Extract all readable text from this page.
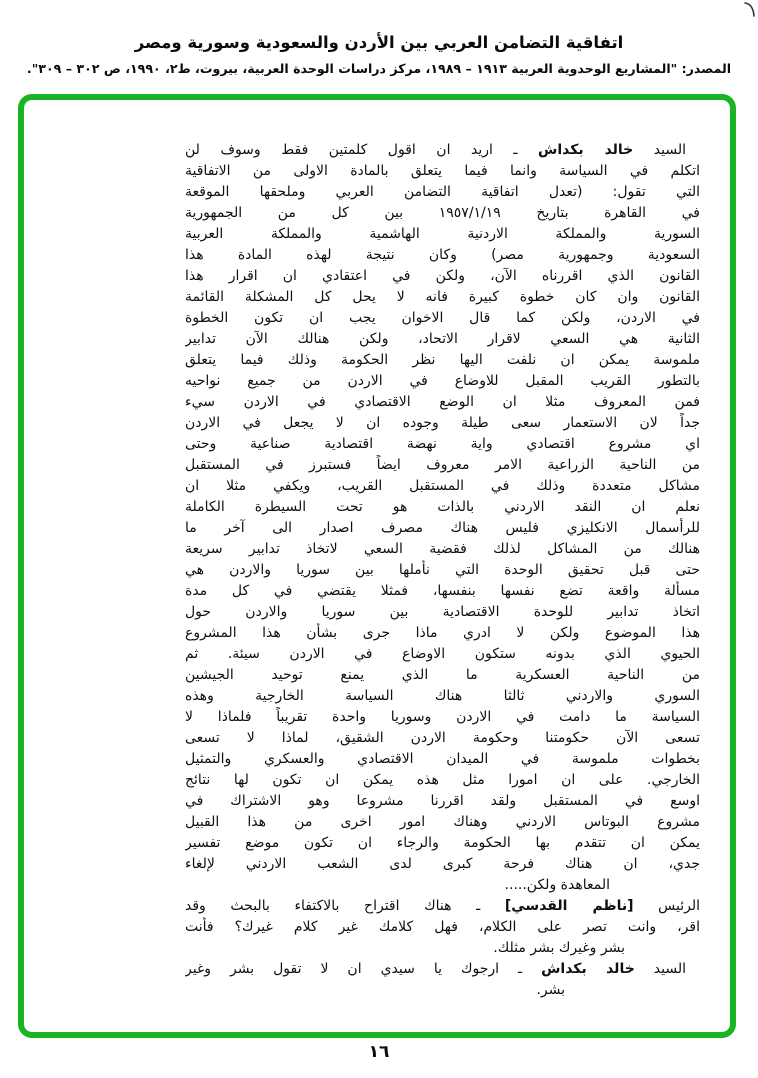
اتفاقية التضامن العربي بين الأردن والسعودية وسورية ومصر
المصدر: "المشاريع الوحدوية العربية ١٩١٣ – ١٩٨٩، مركز دراسات الوحدة العربية، بيروت، ط٢، ١٩٩٠، ص ٣٠٢ – ٣٠٩".
السيد خالد بكداش ـ اريد ان اقول كلمتين فقط وسوف لن
اتكلم في السياسة وانما فيما يتعلق بالمادة الاولى من الاتفاقية
التي تقول: (تعدل اتفاقية التضامن العربي وملحقها الموقعة
في القاهرة بتاريخ ١٩٥٧/١/١٩ بين كل من الجمهورية
السورية والمملكة الاردنية الهاشمية والمملكة العربية
السعودية وجمهورية مصر) وكان نتيجة لهذه المادة هذا
القانون الذي اقررناه الآن، ولكن في اعتقادي ان اقرار هذا
القانون وان كان خطوة كبيرة فانه لا يحل كل المشكلة القائمة
في الاردن، ولكن كما قال الاخوان يجب ان تكون الخطوة
الثانية هي السعي لاقرار الاتحاد، ولكن هنالك الآن تدابير
ملموسة يمكن ان نلفت اليها نظر الحكومة وذلك فيما يتعلق
بالتطور القريب المقبل للاوضاع في الاردن من جميع نواحيه
فمن المعروف مثلا ان الوضع الاقتصادي في الاردن سيء
جداً لان الاستعمار سعى طيلة وجوده ان لا يجعل في الاردن
اي مشروع اقتصادي واية نهضة اقتصادية صناعية وحتى
من الناحية الزراعية الامر معروف ايضاً فستبرز في المستقبل
مشاكل متعددة وذلك في المستقبل القريب، ويكفي مثلا ان
نعلم ان النقد الاردني بالذات هو تحت السيطرة الكاملة
للرأسمال الانكليزي فليس هناك مصرف اصدار الى آخر ما
هنالك من المشاكل لذلك فقضية السعي لاتخاذ تدابير سريعة
حتى قبل تحقيق الوحدة التي نأملها بين سوريا والاردن هي
مسألة واقعة تضع نفسها بنفسها، فمثلا يقتضي في كل مدة
اتخاذ تدابير للوحدة الاقتصادية بين سوريا والاردن حول
هذا الموضوع ولكن لا ادري ماذا جرى بشأن هذا المشروع
الحيوي الذي بدونه ستكون الاوضاع في الاردن سيئة. ثم
من الناحية العسكرية ما الذي يمنع توحيد الجيشين
السوري والاردني ثالثا هناك السياسة الخارجية وهذه
السياسة ما دامت في الاردن وسوريا واحدة تقريباً فلماذا لا
تسعى الآن حكومتنا وحكومة الاردن الشقيق، لماذا لا تسعى
بخطوات ملموسة في الميدان الاقتصادي والعسكري والتمثيل
الخارجي. على ان امورا مثل هذه يمكن ان تكون لها نتائج
اوسع في المستقبل ولقد اقررنا مشروعا وهو الاشتراك في
مشروع البوتاس الاردني وهناك امور اخرى من هذا القبيل
يمكن ان تتقدم بها الحكومة والرجاء ان تكون موضع تفسير
جدي، ان هناك فرحة كبرى لدى الشعب الاردني لإلغاء
المعاهدة ولكن.....
الرئيس [ناظم القدسي] ـ هناك اقتراح بالاكتفاء بالبحث وقد
اقر، وانت تصر على الكلام، فهل كلامك غير كلام غيرك؟ فأنت
بشر وغيرك بشر مثلك.
السيد خالد بكداش ـ ارجوك يا سيدي ان لا تقول بشر وغير
بشر.
١٦
